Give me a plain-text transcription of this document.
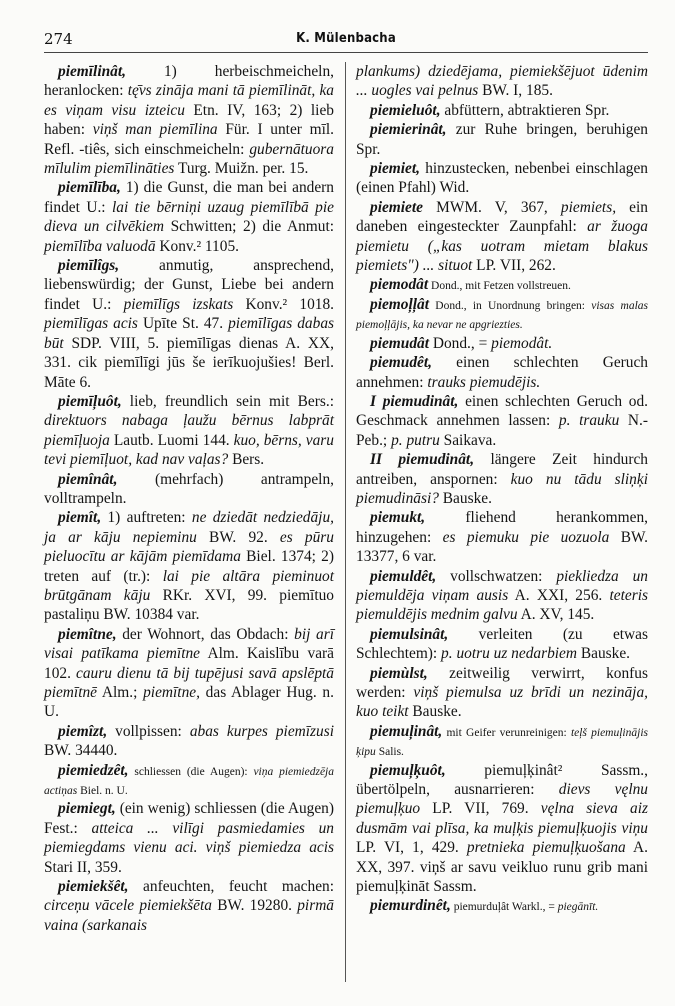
274	K. Mülenbacha

piemīlinât, 1) herbeischmeicheln, heranlocken: tę̄vs zināja mani tā piemīlināt, ka es viņam visu izteicu Etn. IV, 163; 2) lieb haben: viņš man piemīlina Für. I unter mīl. Refl. -tiês, sich einschmeicheln: gubernātuora mīlulim piemīlināties Turg. Muižn. per. 15.

piemīlība, 1) die Gunst, die man bei andern findet U.: lai tie bērniņi uzaug piemīlībā pie dieva un cilvēkiem Schwitten; 2) die Anmut: piemīlība valuodā Konv.² 1105.

piemīlîgs, anmutig, ansprechend, liebenswürdig; der Gunst, Liebe bei andern findet U.: piemīlīgs izskats Konv.² 1018. piemīlīgas acis Upīte St. 47. piemīlīgas dabas būt SDP. VIII, 5. piemīlīgas dienas A. XX, 331. cik piemīlīgi jūs še ierīkuojušies! Berl. Māte 6.

piemīļuôt, lieb, freundlich sein mit Bers.: direktuors nabaga ļaužu bērnus labprāt piemīļuoja Lautb. Luomi 144. kuo, bērns, varu tevi piemīļuot, kad nav vaļas? Bers.

piemînât, (mehrfach) antrampeln, volltrampeln.

piemît, 1) auftreten: ne dziedāt nedziedāju, ja ar kāju nepieminu BW. 92. es pūru pieluocītu ar kājām piemīdama Biel. 1374; 2) treten auf (tr.): lai pie altāra pieminuot brūtgānam kāju RKr. XVI, 99. piemītuo pastaliņu BW. 10384 var.

piemîtne, der Wohnort, das Obdach: bij arī visai patīkama piemītne Alm. Kaislību varā 102. cauru dienu tā bij tupējusi savā apslēptā piemītnē Alm.; piemītne, das Ablager Hug. n. U.

piemîzt, vollpissen: abas kurpes piemīzusi BW. 34440.

piemiedzêt, schliessen (die Augen): viņa piemiedzēja actiņas Biel. n. U.

piemiegt, (ein wenig) schliessen (die Augen) Fest.: atteica ... vilīgi pasmiedamies un piemiegdams vienu aci. viņš piemiedza acis Stari II, 359.

piemiekšêt, anfeuchten, feucht machen: circeņu vācele piemiekšēta BW. 19280. pirmā vaina (sarkanais

plankums) dziedējama, piemiekšējuot ūdenim ... uogles vai pelnus BW. I, 185.

piemieluôt, abfüttern, abtraktieren Spr.

piemierinât, zur Ruhe bringen, beruhigen Spr.

piemiet, hinzustecken, nebenbei einschlagen (einen Pfahl) Wid.

piemiete MWM. V, 367, piemiets, ein daneben eingesteckter Zaunpfahl: ar žuoga piemietu („kas uotram mietam blakus piemiets") ... situot LP. VII, 262.

piemodât Dond., mit Fetzen vollstreuen.

piemoļļât Dond., in Unordnung bringen: visas malas piemoļļājis, ka nevar ne apgriezties.

piemudât Dond., = piemodât.

piemudêt, einen schlechten Geruch annehmen: trauks piemudējis.

I piemudinât, einen schlechten Geruch od. Geschmack annehmen lassen: p. trauku N.-Peb.; p. putru Saikava.

II piemudinât, längere Zeit hindurch antreiben, anspornen: kuo nu tādu sliņķi piemudināsi? Bauske.

piemukt, fliehend herankommen, hinzugehen: es piemuku pie uozuola BW. 13377, 6 var.

piemuldêt, vollschwatzen: piekliedza un piemuldēja viņam ausis A. XXI, 256. teteris piemuldējis mednim galvu A. XV, 145.

piemulsinât, verleiten (zu etwas Schlechtem): p. uotru uz nedarbiem Bauske.

piemùlst, zeitweilig verwirrt, konfus werden: viņš piemulsa uz brīdi un nezināja, kuo teikt Bauske.

piemuļinât, mit Geifer verunreinigen: teļš piemuļinājis ķipu Salis.

piemuļķuôt, piemuļķinât² Sassm., übertölpeln, ausnarrieren: dievs vęlnu piemuļķuo LP. VII, 769. vęlna sieva aiz dusmām vai plīsa, ka muļķis piemuļķuojis viņu LP. VI, 1, 429. pretnieka piemuļķuošana A. XX, 397. viņš ar savu veikluo runu grib mani piemuļķināt Sassm.

piemurdinêt, piemurduļât Warkl., = piegānīt.
